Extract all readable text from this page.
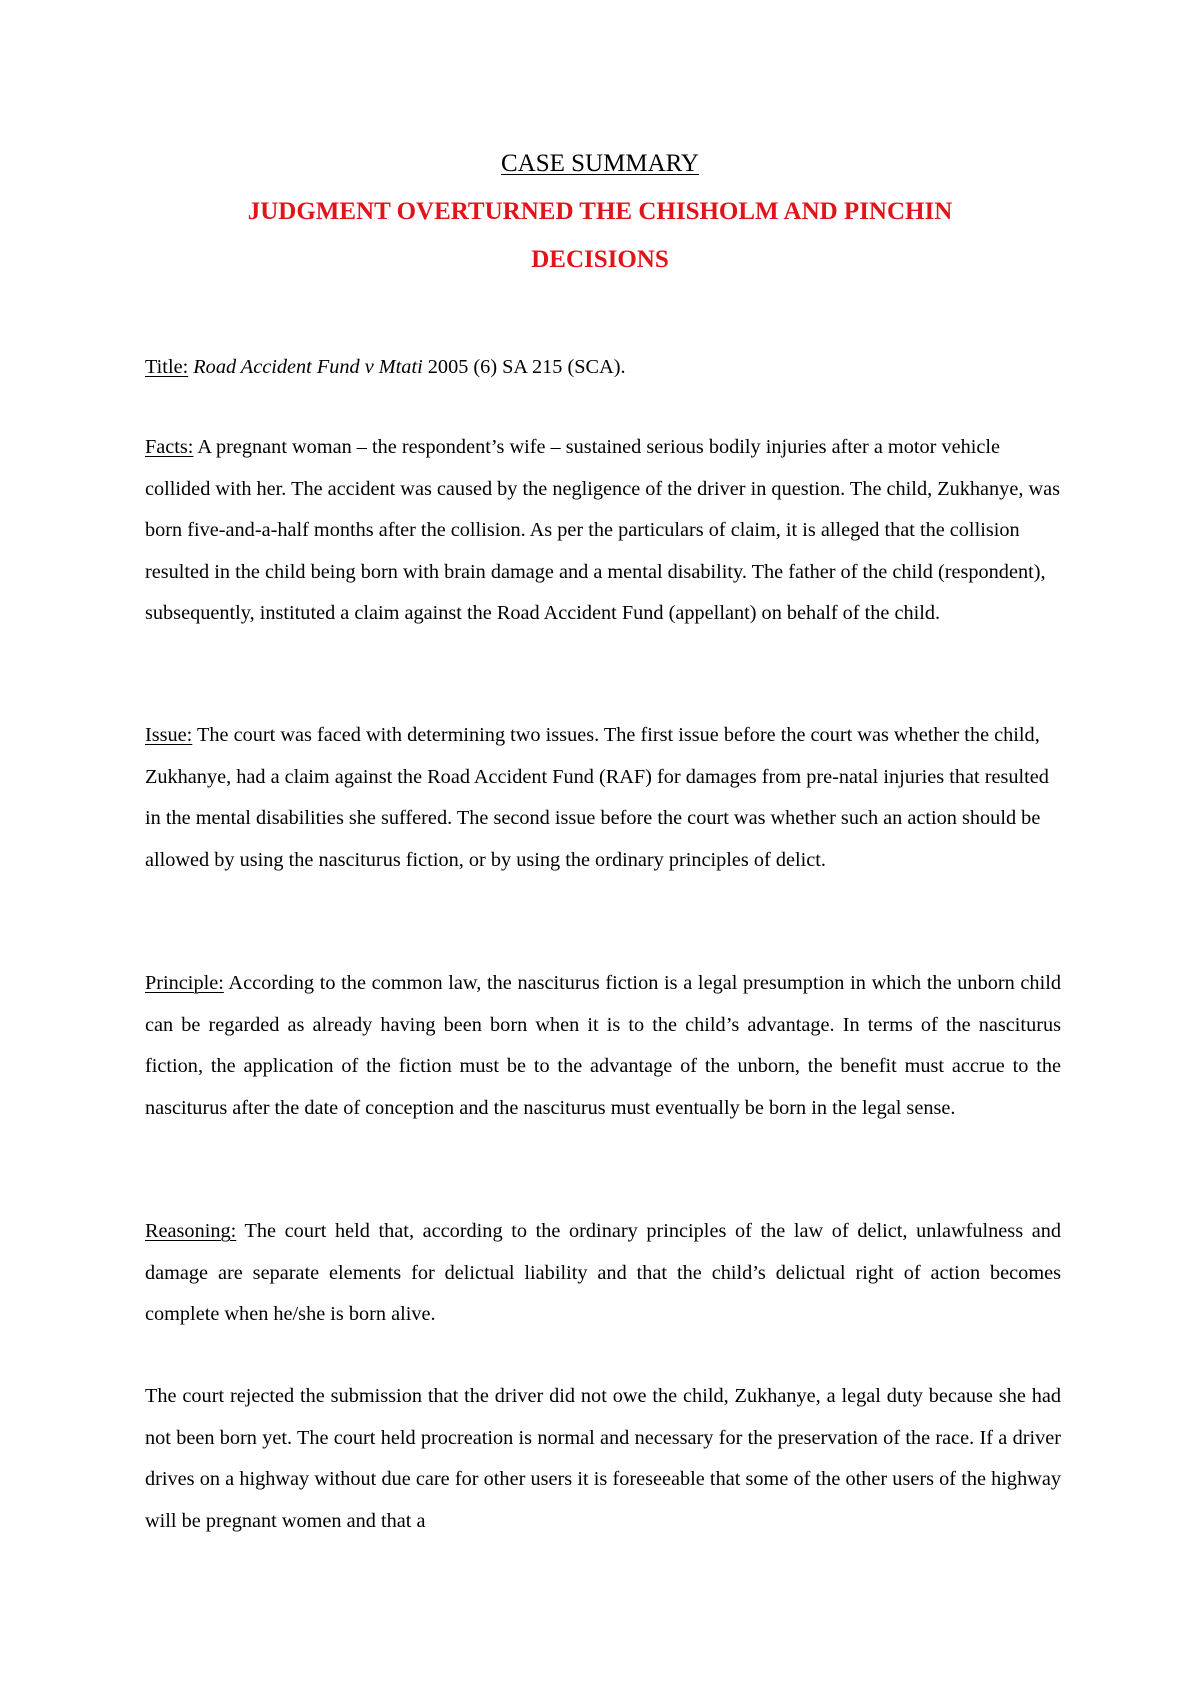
CASE SUMMARY
JUDGMENT OVERTURNED THE CHISHOLM AND PINCHIN
DECISIONS

Title: Road Accident Fund v Mtati 2005 (6) SA 215 (SCA).

Facts: A pregnant woman – the respondent’s wife – sustained serious bodily injuries after a motor vehicle collided with her. The accident was caused by the negligence of the driver in question. The child, Zukhanye, was born five-and-a-half months after the collision. As per the particulars of claim, it is alleged that the collision resulted in the child being born with brain damage and a mental disability. The father of the child (respondent), subsequently, instituted a claim against the Road Accident Fund (appellant) on behalf of the child.

Issue: The court was faced with determining two issues. The first issue before the court was whether the child, Zukhanye, had a claim against the Road Accident Fund (RAF) for damages from pre-natal injuries that resulted in the mental disabilities she suffered. The second issue before the court was whether such an action should be allowed by using the nasciturus fiction, or by using the ordinary principles of delict.

Principle: According to the common law, the nasciturus fiction is a legal presumption in which the unborn child can be regarded as already having been born when it is to the child’s advantage. In terms of the nasciturus fiction, the application of the fiction must be to the advantage of the unborn, the benefit must accrue to the nasciturus after the date of conception and the nasciturus must eventually be born in the legal sense.

Reasoning: The court held that, according to the ordinary principles of the law of delict, unlawfulness and damage are separate elements for delictual liability and that the child’s delictual right of action becomes complete when he/she is born alive.

The court rejected the submission that the driver did not owe the child, Zukhanye, a legal duty because she had not been born yet. The court held procreation is normal and necessary for the preservation of the race. If a driver drives on a highway without due care for other users it is foreseeable that some of the other users of the highway will be pregnant women and that a
